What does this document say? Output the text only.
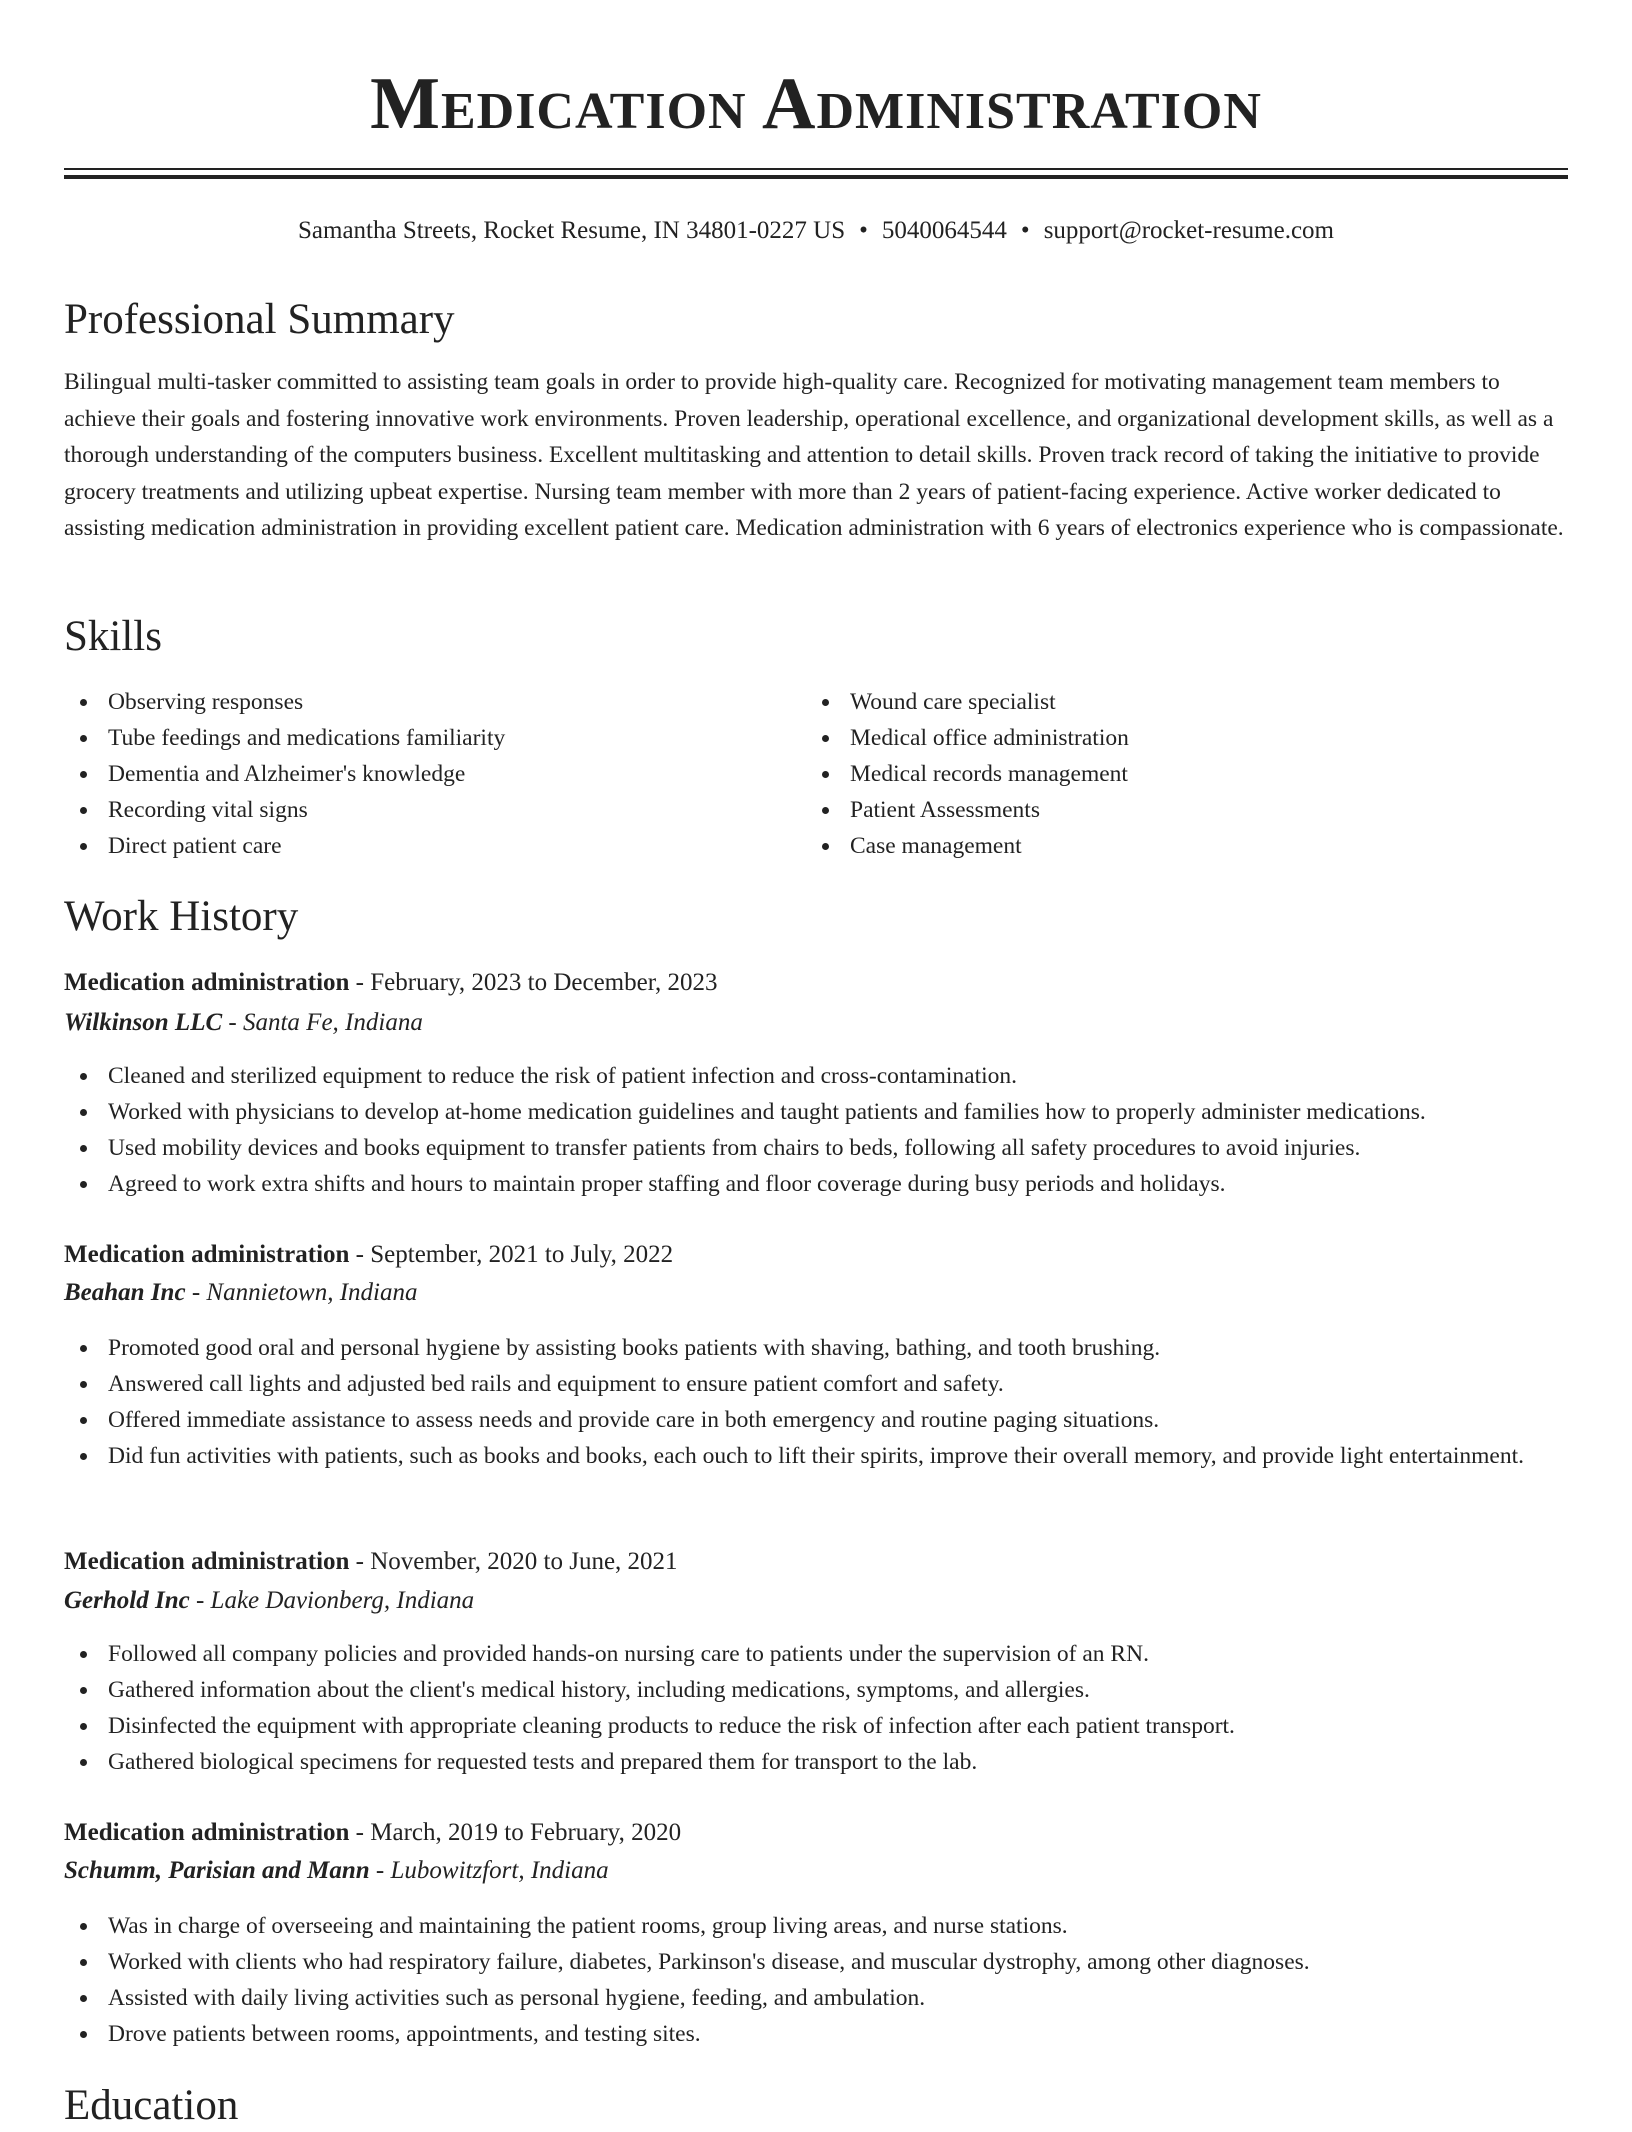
Medication Administration
Samantha Streets, Rocket Resume, IN 34801-0227 US • 5040064544 • support@rocket-resume.com
Professional Summary

Bilingual multi-tasker committed to assisting team goals in order to provide high-quality care. Recognized for motivating management team members to achieve their goals and fostering innovative work environments. Proven leadership, operational excellence, and organizational development skills, as well as a thorough understanding of the computers business. Excellent multitasking and attention to detail skills. Proven track record of taking the initiative to provide grocery treatments and utilizing upbeat expertise. Nursing team member with more than 2 years of patient-facing experience. Active worker dedicated to assisting medication administration in providing excellent patient care. Medication administration with 6 years of electronics experience who is compassionate.

Skills
Observing responses
Tube feedings and medications familiarity
Dementia and Alzheimer's knowledge
Recording vital signs
Direct patient care
Wound care specialist
Medical office administration
Medical records management
Patient Assessments
Case management
Work History
Medication administration - February, 2023 to December, 2023
Wilkinson LLC - Santa Fe, Indiana
Cleaned and sterilized equipment to reduce the risk of patient infection and cross-contamination.
Worked with physicians to develop at-home medication guidelines and taught patients and families how to properly administer medications.
Used mobility devices and books equipment to transfer patients from chairs to beds, following all safety procedures to avoid injuries.
Agreed to work extra shifts and hours to maintain proper staffing and floor coverage during busy periods and holidays.
Medication administration - September, 2021 to July, 2022
Beahan Inc - Nannietown, Indiana
Promoted good oral and personal hygiene by assisting books patients with shaving, bathing, and tooth brushing.
Answered call lights and adjusted bed rails and equipment to ensure patient comfort and safety.
Offered immediate assistance to assess needs and provide care in both emergency and routine paging situations.
Did fun activities with patients, such as books and books, each ouch to lift their spirits, improve their overall memory, and provide light entertainment.
Medication administration - November, 2020 to June, 2021
Gerhold Inc - Lake Davionberg, Indiana
Followed all company policies and provided hands-on nursing care to patients under the supervision of an RN.
Gathered information about the client's medical history, including medications, symptoms, and allergies.
Disinfected the equipment with appropriate cleaning products to reduce the risk of infection after each patient transport.
Gathered biological specimens for requested tests and prepared them for transport to the lab.
Medication administration - March, 2019 to February, 2020
Schumm, Parisian and Mann - Lubowitzfort, Indiana
Was in charge of overseeing and maintaining the patient rooms, group living areas, and nurse stations.
Worked with clients who had respiratory failure, diabetes, Parkinson's disease, and muscular dystrophy, among other diagnoses.
Assisted with daily living activities such as personal hygiene, feeding, and ambulation.
Drove patients between rooms, appointments, and testing sites.
Education
